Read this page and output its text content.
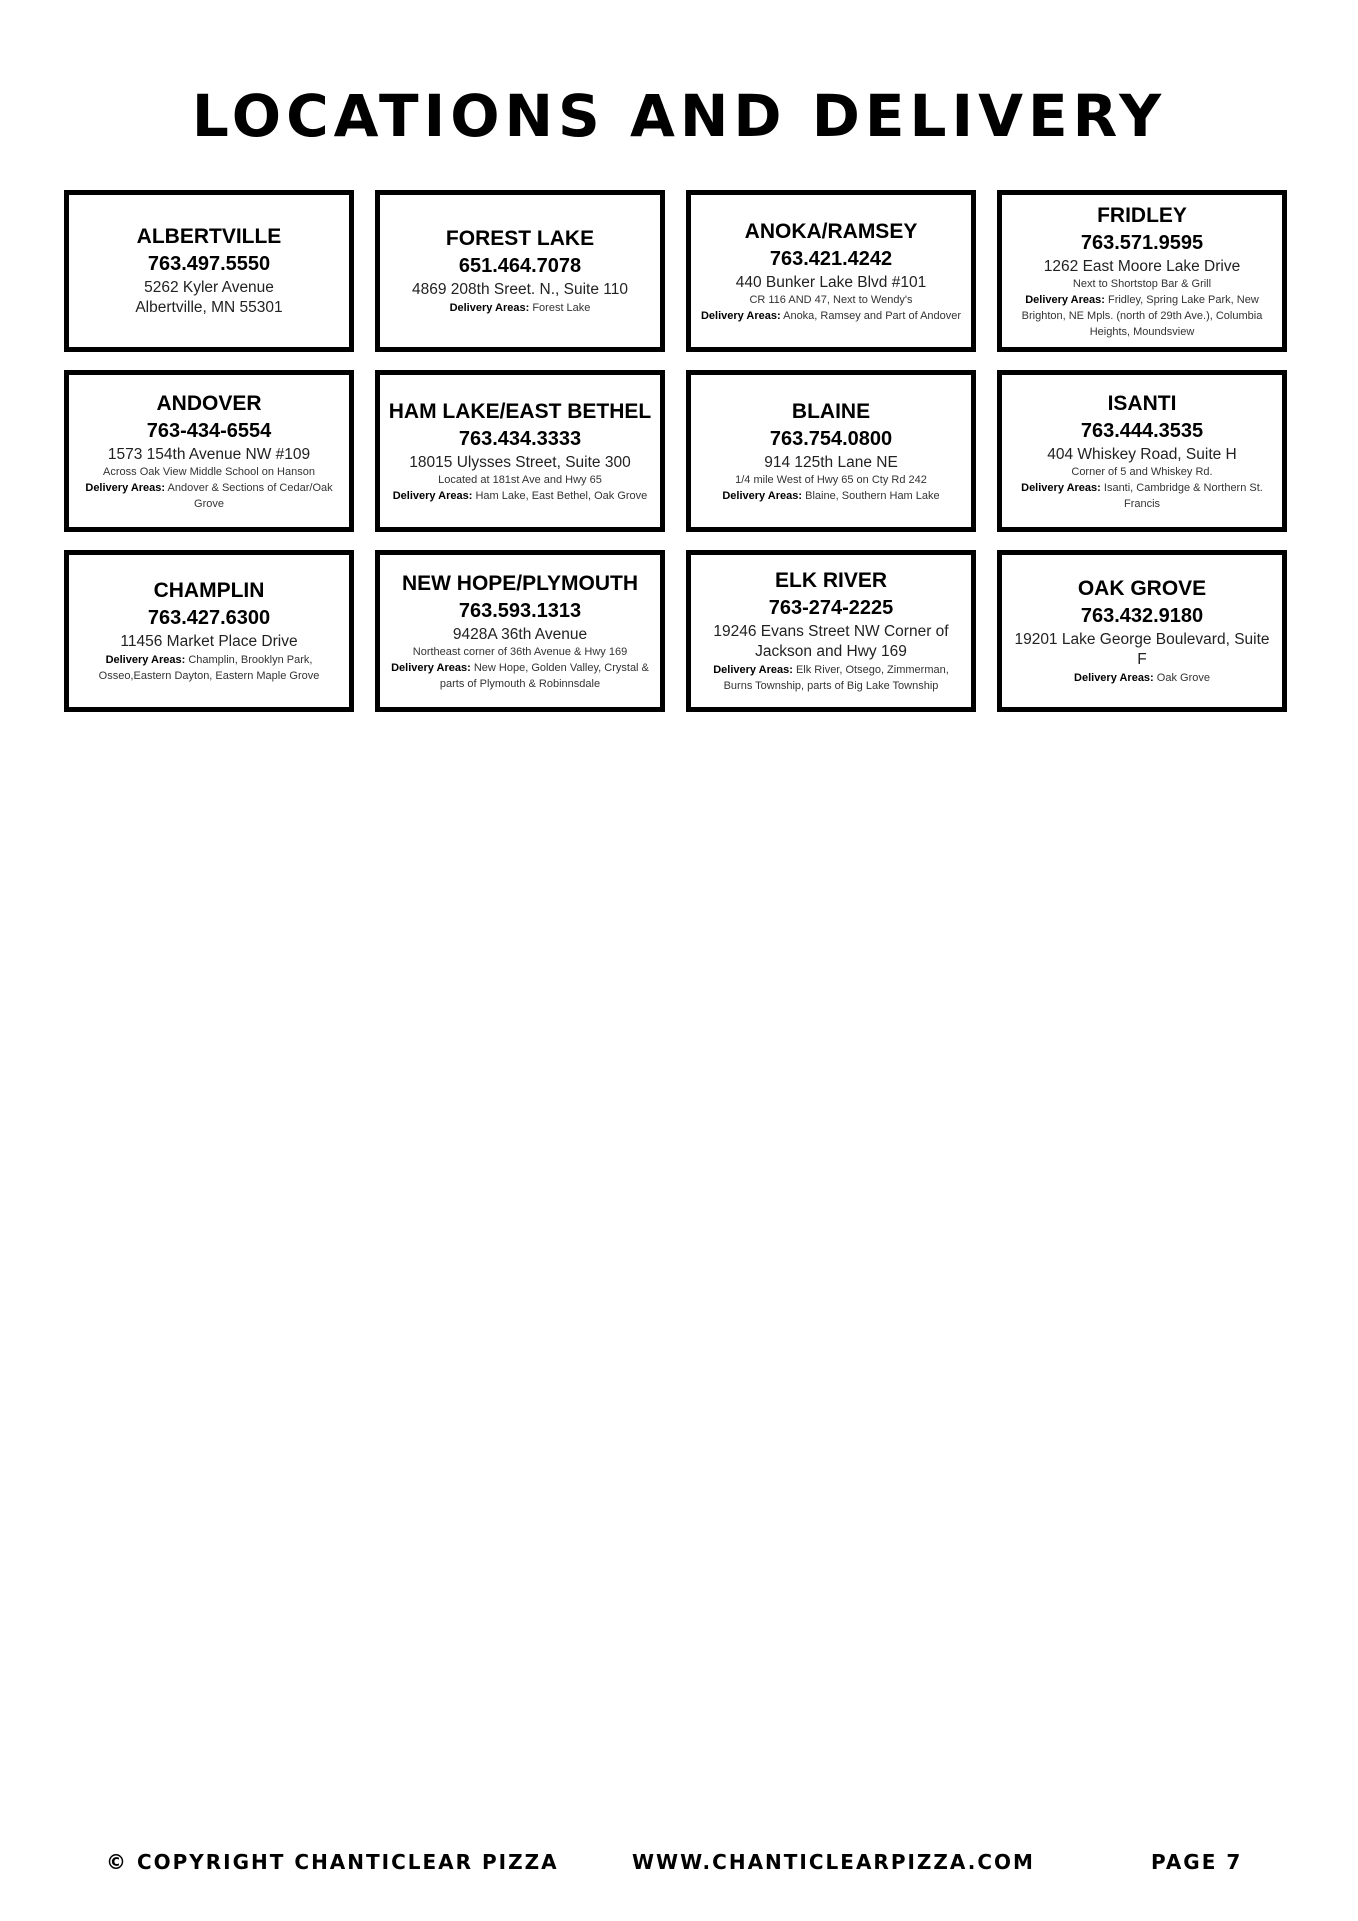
LOCATIONS AND DELIVERY
ALBERTVILLE
763.497.5550
5262 Kyler Avenue
Albertville, MN 55301
FOREST LAKE
651.464.7078
4869 208th Sreet. N., Suite 110
Delivery Areas: Forest Lake
ANOKA/RAMSEY
763.421.4242
440 Bunker Lake Blvd #101
CR 116 AND 47, Next to Wendy's
Delivery Areas: Anoka, Ramsey and Part of Andover
FRIDLEY
763.571.9595
1262 East Moore Lake Drive
Next to Shortstop Bar & Grill
Delivery Areas: Fridley, Spring Lake Park, New Brighton, NE Mpls. (north of 29th Ave.), Columbia Heights, Moundsview
ANDOVER
763-434-6554
1573 154th Avenue NW #109
Across Oak View Middle School on Hanson
Delivery Areas: Andover & Sections of Cedar/Oak Grove
HAM LAKE/EAST BETHEL
763.434.3333
18015 Ulysses Street, Suite 300
Located at 181st Ave and Hwy 65
Delivery Areas: Ham Lake, East Bethel, Oak Grove
BLAINE
763.754.0800
914 125th Lane NE
1/4 mile West of Hwy 65 on Cty Rd 242
Delivery Areas: Blaine, Southern Ham Lake
ISANTI
763.444.3535
404 Whiskey Road, Suite H
Corner of 5 and Whiskey Rd.
Delivery Areas: Isanti, Cambridge & Northern St. Francis
CHAMPLIN
763.427.6300
11456 Market Place Drive
Delivery Areas: Champlin, Brooklyn Park, Osseo,Eastern Dayton, Eastern Maple Grove
NEW HOPE/PLYMOUTH
763.593.1313
9428A 36th Avenue
Northeast corner of 36th Avenue & Hwy 169
Delivery Areas: New Hope, Golden Valley, Crystal & parts of Plymouth & Robinnsdale
ELK RIVER
763-274-2225
19246 Evans Street NW Corner of Jackson and Hwy 169
Delivery Areas: Elk River, Otsego, Zimmerman, Burns Township, parts of Big Lake Township
OAK GROVE
763.432.9180
19201 Lake George Boulevard, Suite F
Delivery Areas: Oak Grove
© COPYRIGHT CHANTICLEAR PIZZA	WWW.CHANTICLEARPIZZA.COM	PAGE 7
